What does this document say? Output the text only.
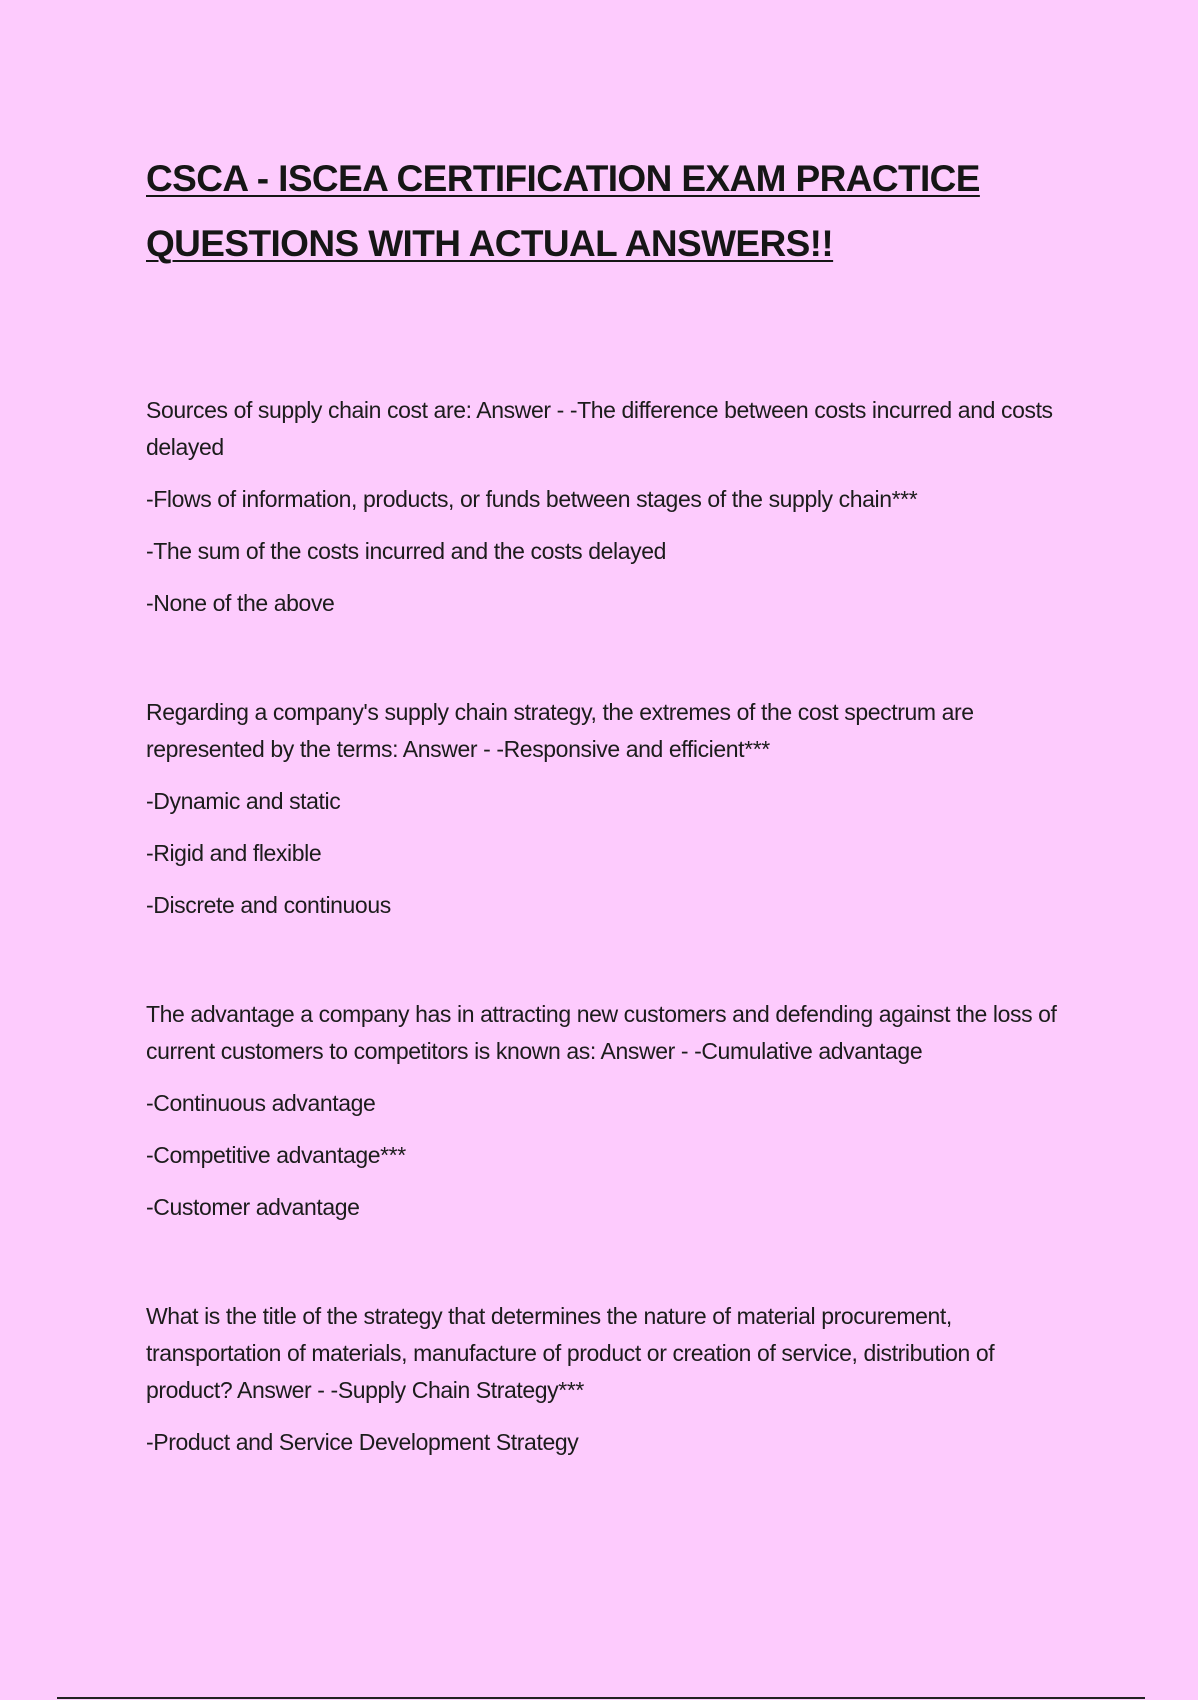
CSCA - ISCEA CERTIFICATION EXAM PRACTICE QUESTIONS WITH ACTUAL ANSWERS!!

Sources of supply chain cost are: Answer - -The difference between costs incurred and costs delayed

-Flows of information, products, or funds between stages of the supply chain***

-The sum of the costs incurred and the costs delayed

-None of the above

Regarding a company's supply chain strategy, the extremes of the cost spectrum are represented by the terms: Answer - -Responsive and efficient***

-Dynamic and static

-Rigid and flexible

-Discrete and continuous

The advantage a company has in attracting new customers and defending against the loss of current customers to competitors is known as: Answer - -Cumulative advantage

-Continuous advantage

-Competitive advantage***

-Customer advantage

What is the title of the strategy that determines the nature of material procurement, transportation of materials, manufacture of product or creation of service, distribution of product? Answer - -Supply Chain Strategy***

-Product and Service Development Strategy
